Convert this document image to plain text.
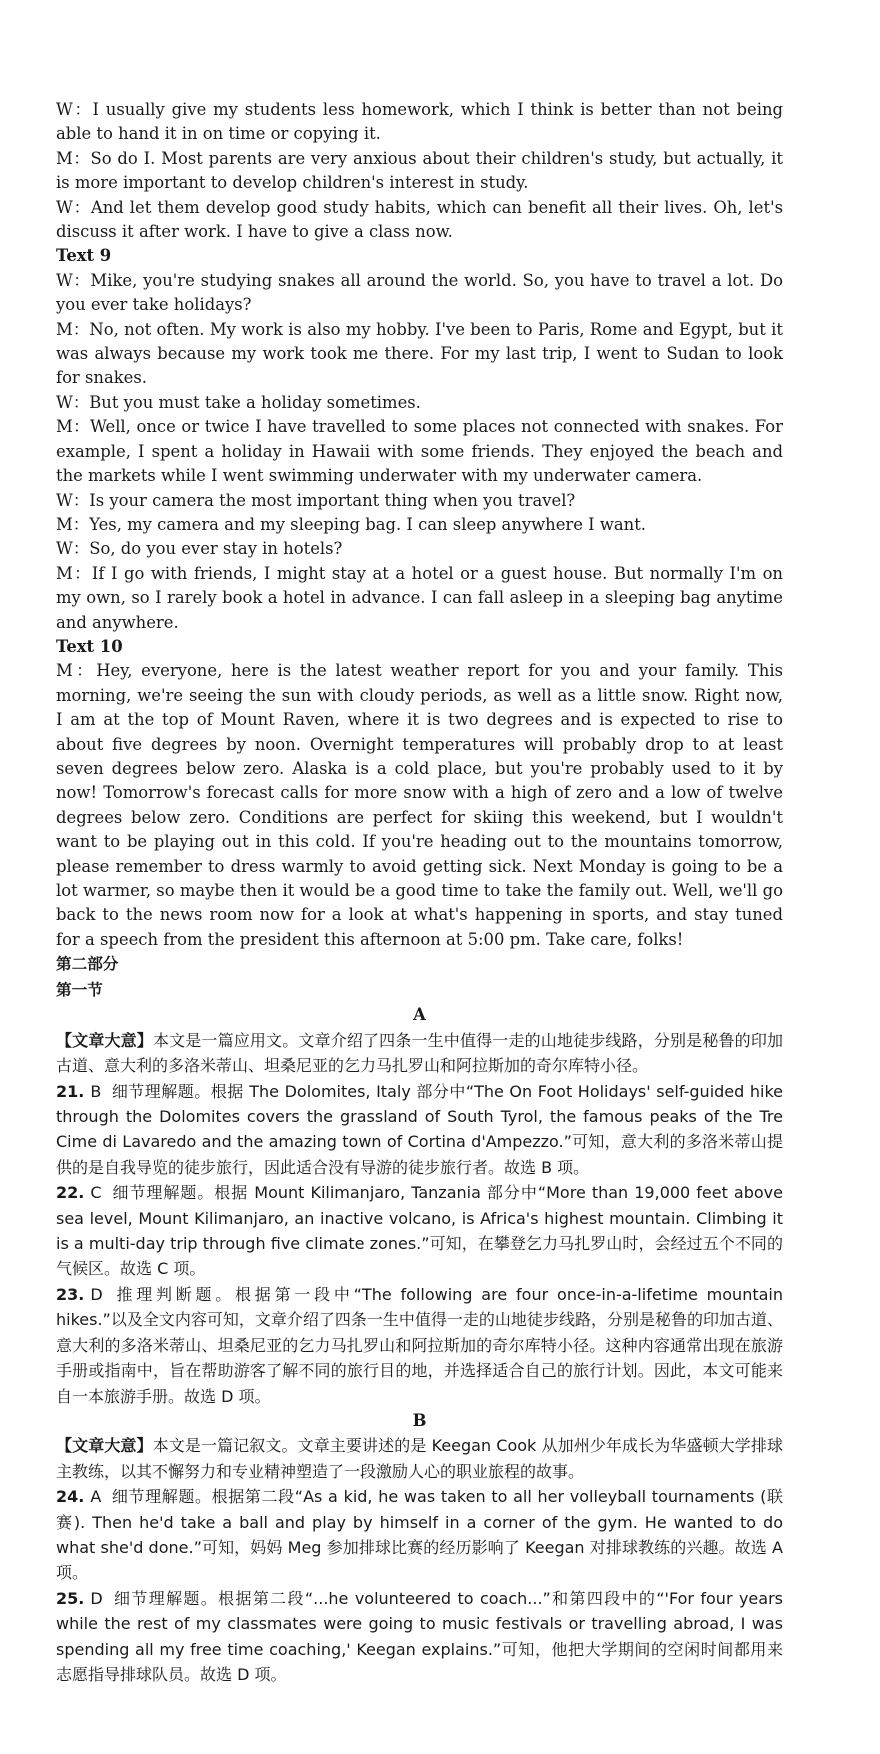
W：I usually give my students less homework, which I think is better than not being able to hand it in on time or copying it.

M：So do I. Most parents are very anxious about their children's study, but actually, it is more important to develop children's interest in study.

W：And let them develop good study habits, which can benefit all their lives. Oh, let's discuss it after work. I have to give a class now.

Text 9

W：Mike, you're studying snakes all around the world. So, you have to travel a lot. Do you ever take holidays?

M：No, not often. My work is also my hobby. I've been to Paris, Rome and Egypt, but it was always because my work took me there. For my last trip, I went to Sudan to look for snakes.

W：But you must take a holiday sometimes.

M：Well, once or twice I have travelled to some places not connected with snakes. For example, I spent a holiday in Hawaii with some friends. They enjoyed the beach and the markets while I went swimming underwater with my underwater camera.

W：Is your camera the most important thing when you travel?

M：Yes, my camera and my sleeping bag. I can sleep anywhere I want.

W：So, do you ever stay in hotels?

M：If I go with friends, I might stay at a hotel or a guest house. But normally I'm on my own, so I rarely book a hotel in advance. I can fall asleep in a sleeping bag anytime and anywhere.

Text 10

M：Hey, everyone, here is the latest weather report for you and your family. This morning, we're seeing the sun with cloudy periods, as well as a little snow. Right now, I am at the top of Mount Raven, where it is two degrees and is expected to rise to about five degrees by noon. Overnight temperatures will probably drop to at least seven degrees below zero. Alaska is a cold place, but you're probably used to it by now! Tomorrow's forecast calls for more snow with a high of zero and a low of twelve degrees below zero. Conditions are perfect for skiing this weekend, but I wouldn't want to be playing out in this cold. If you're heading out to the mountains tomorrow, please remember to dress warmly to avoid getting sick. Next Monday is going to be a lot warmer, so maybe then it would be a good time to take the family out. Well, we'll go back to the news room now for a look at what's happening in sports, and stay tuned for a speech from the president this afternoon at 5:00 pm. Take care, folks!

第二部分

第一节

A

【文章大意】本文是一篇应用文。文章介绍了四条一生中值得一走的山地徒步线路，分别是秘鲁的印加古道、意大利的多洛米蒂山、坦桑尼亚的乞力马扎罗山和阿拉斯加的奇尔库特小径。

21. B 细节理解题。根据 The Dolomites, Italy 部分中“The On Foot Holidays' self-guided hike through the Dolomites covers the grassland of South Tyrol, the famous peaks of the Tre Cime di Lavaredo and the amazing town of Cortina d'Ampezzo.”可知，意大利的多洛米蒂山提供的是自我导览的徒步旅行，因此适合没有导游的徒步旅行者。故选 B 项。

22. C 细节理解题。根据 Mount Kilimanjaro, Tanzania 部分中“More than 19,000 feet above sea level, Mount Kilimanjaro, an inactive volcano, is Africa's highest mountain. Climbing it is a multi-day trip through five climate zones.”可知，在攀登乞力马扎罗山时，会经过五个不同的气候区。故选 C 项。

23. D 推理判断题。根据第一段中“The following are four once-in-a-lifetime mountain hikes.”以及全文内容可知，文章介绍了四条一生中值得一走的山地徒步线路，分别是秘鲁的印加古道、意大利的多洛米蒂山、坦桑尼亚的乞力马扎罗山和阿拉斯加的奇尔库特小径。这种内容通常出现在旅游手册或指南中，旨在帮助游客了解不同的旅行目的地，并选择适合自己的旅行计划。因此，本文可能来自一本旅游手册。故选 D 项。

B

【文章大意】本文是一篇记叙文。文章主要讲述的是 Keegan Cook 从加州少年成长为华盛顿大学排球主教练，以其不懈努力和专业精神塑造了一段激励人心的职业旅程的故事。

24. A 细节理解题。根据第二段“As a kid, he was taken to all her volleyball tournaments (联赛). Then he'd take a ball and play by himself in a corner of the gym. He wanted to do what she'd done.”可知，妈妈 Meg 参加排球比赛的经历影响了 Keegan 对排球教练的兴趣。故选 A 项。

25. D 细节理解题。根据第二段“...he volunteered to coach...”和第四段中的“'For four years while the rest of my classmates were going to music festivals or travelling abroad, I was spending all my free time coaching,' Keegan explains.”可知，他把大学期间的空闲时间都用来志愿指导排球队员。故选 D 项。
